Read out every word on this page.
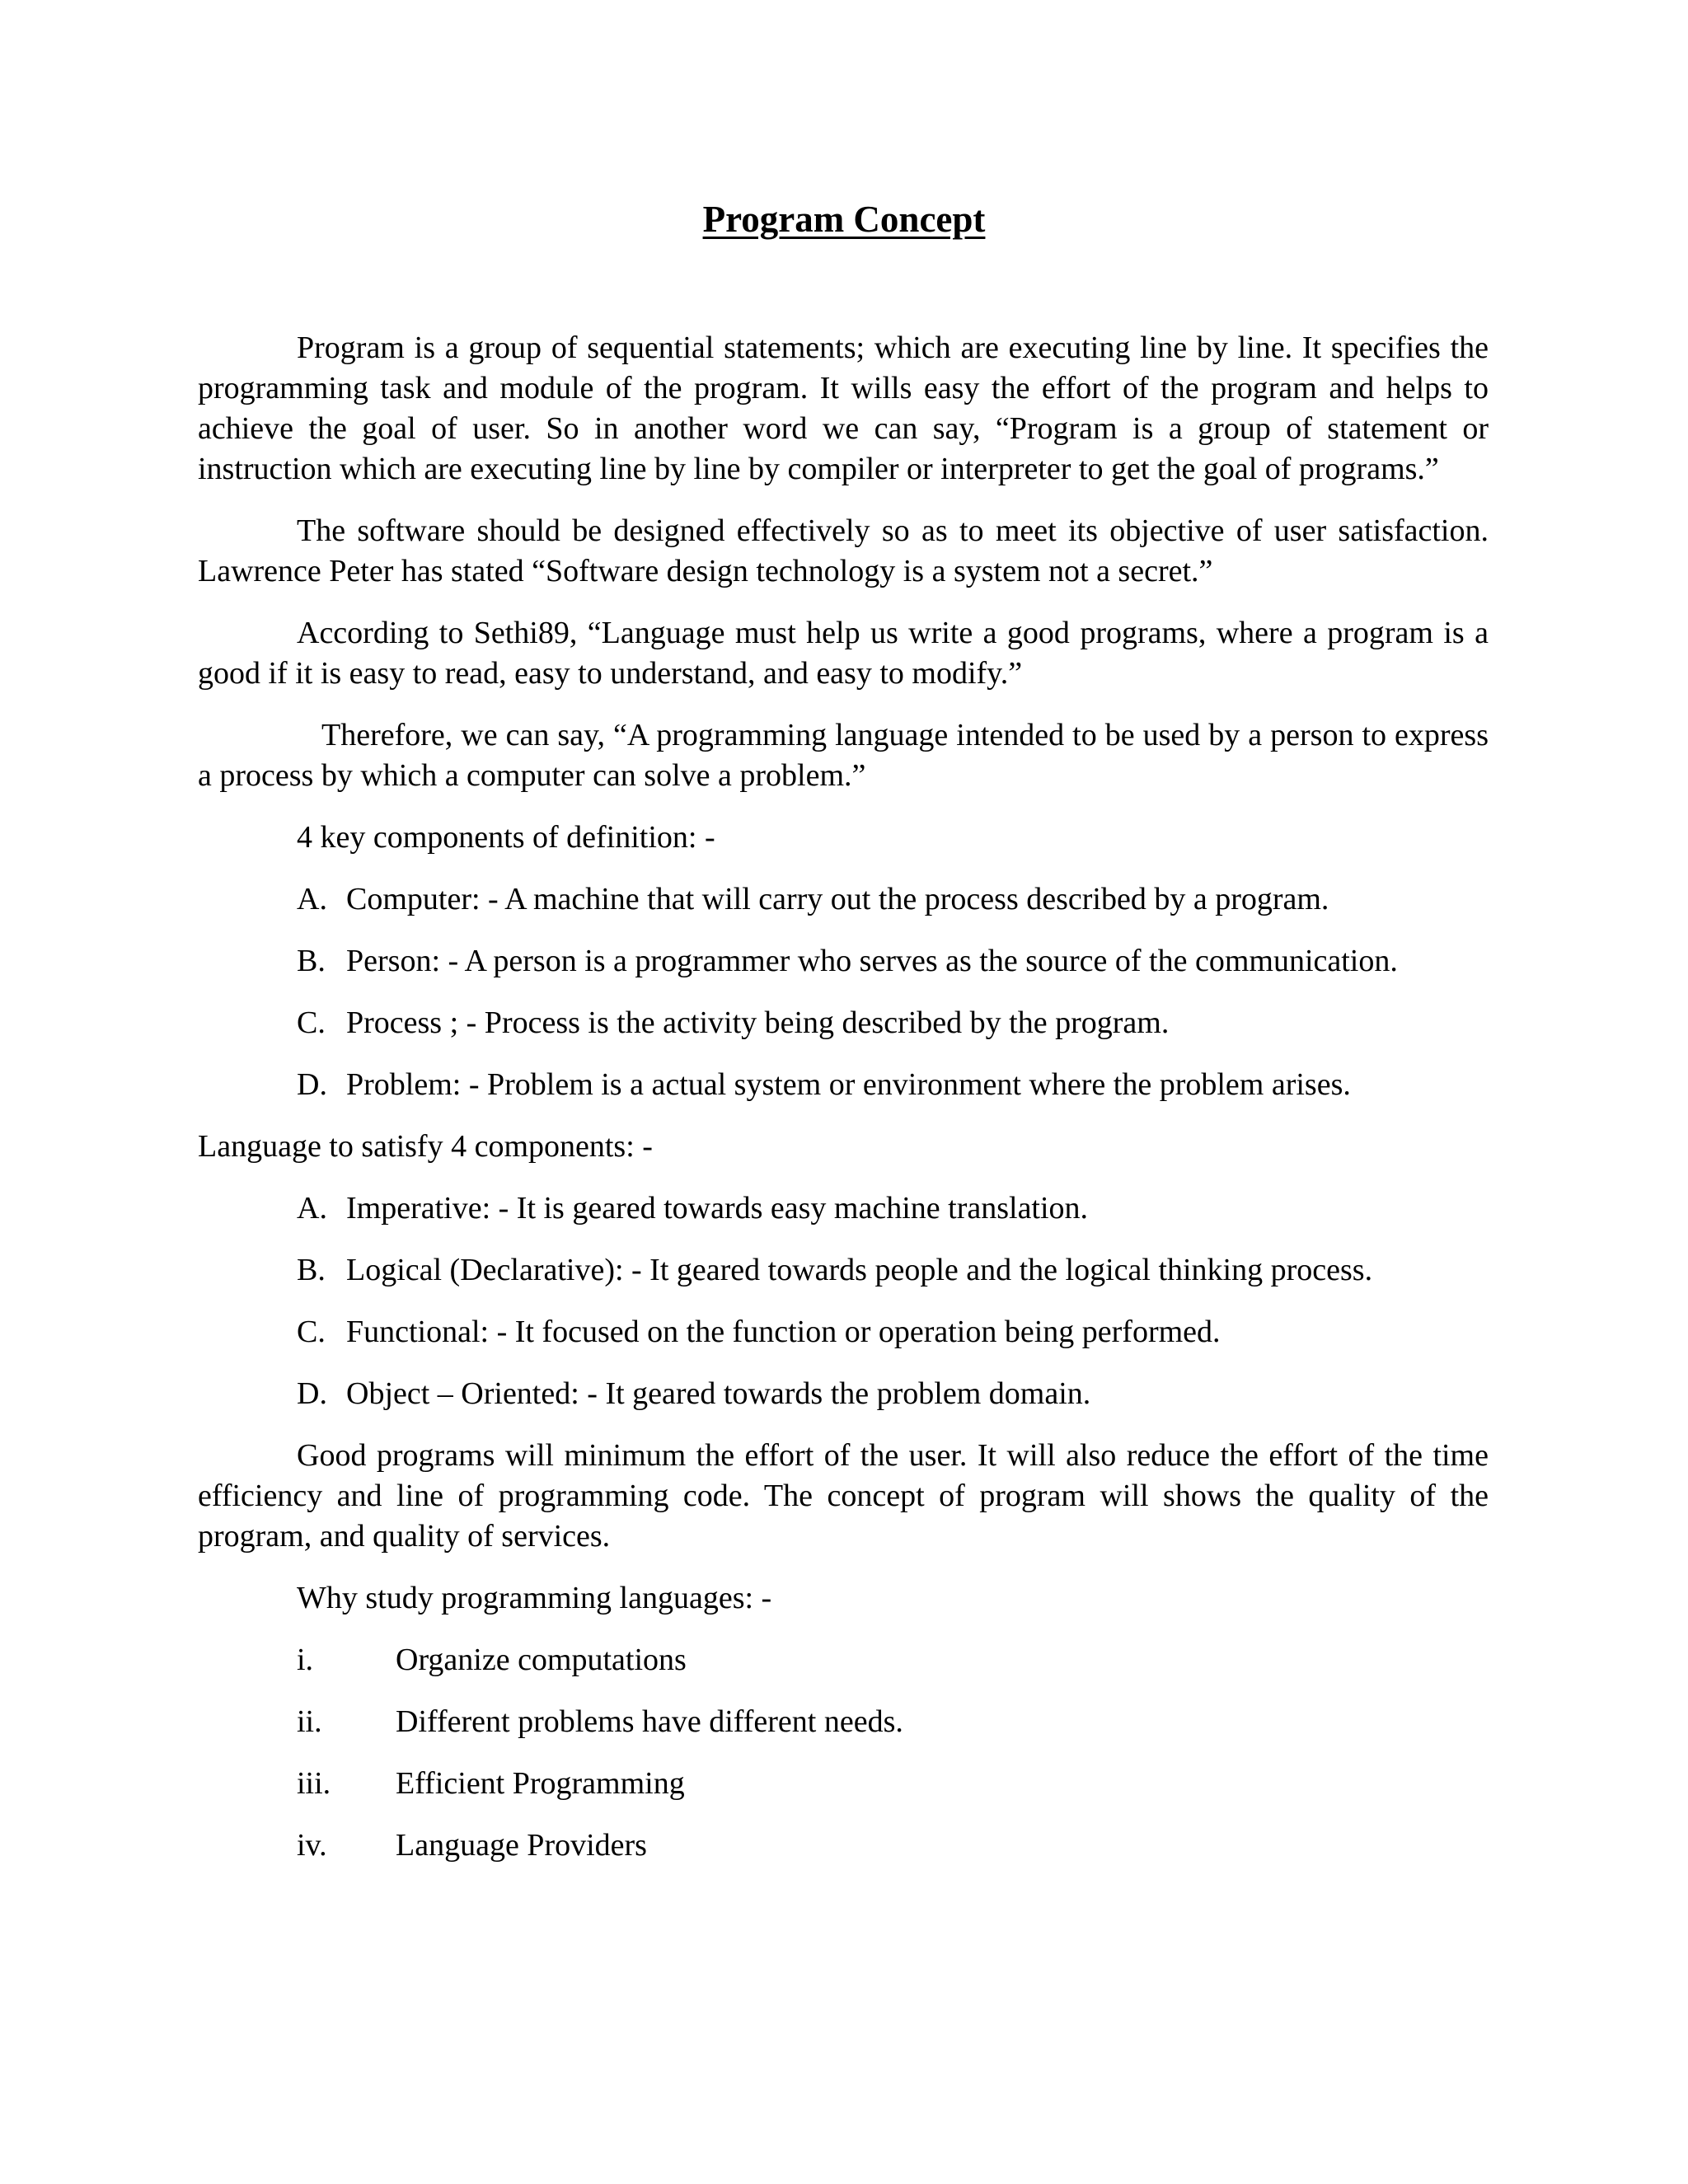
Program Concept

Program is a group of sequential statements; which are executing line by line. It specifies the programming task and module of the program. It wills easy the effort of the program and helps to achieve the goal of user. So in another word we can say, “Program is a group of statement or instruction which are executing line by line by compiler or interpreter to get the goal of programs.”

The software should be designed effectively so as to meet its objective of user satisfaction. Lawrence Peter has stated “Software design technology is a system not a secret.”

According to Sethi89, “Language must help us write a good programs, where a program is a good if it is easy to read, easy to understand, and easy to modify.”

Therefore, we can say, “A programming language intended to be used by a person to express a process by which a computer can solve a problem.”

4 key components of definition: -

A. Computer: - A machine that will carry out the process described by a program.
B. Person: - A person is a programmer who serves as the source of the communication.
C. Process ; - Process is the activity being described by the program.
D. Problem: - Problem is a actual system or environment where the problem arises.

Language to satisfy 4 components: -

A. Imperative: - It is geared towards easy machine translation.
B. Logical (Declarative): - It geared towards people and the logical thinking process.
C. Functional: - It focused on the function or operation being performed.
D. Object – Oriented: - It geared towards the problem domain.

Good programs will minimum the effort of the user. It will also reduce the effort of the time efficiency and line of programming code. The concept of program will shows the quality of the program, and quality of services.

Why study programming languages: -

i.	Organize computations
ii.	Different problems have different needs.
iii.	Efficient Programming
iv.	Language Providers
